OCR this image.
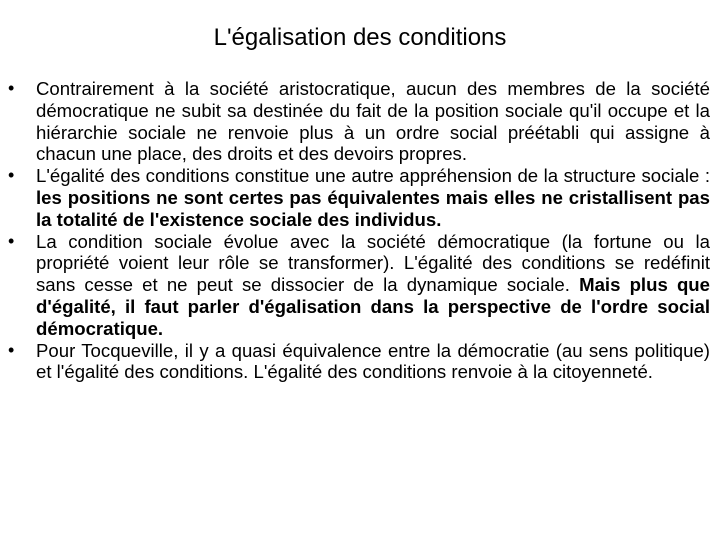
L'égalisation des conditions
• Contrairement à la société aristocratique, aucun des membres de la société démocratique ne subit sa destinée du fait de la position sociale qu'il occupe et la hiérarchie sociale ne renvoie plus à un ordre social préétabli qui assigne à chacun une place, des droits et des devoirs propres.
• L'égalité des conditions constitue une autre appréhension de la structure sociale : les positions ne sont certes pas équivalentes mais elles ne cristallisent pas la totalité de l'existence sociale des individus.
• La condition sociale évolue avec la société démocratique (la fortune ou la propriété voient leur rôle se transformer). L'égalité des conditions se redéfinit sans cesse et ne peut se dissocier de la dynamique sociale. Mais plus que d'égalité, il faut parler d'égalisation dans la perspective de l'ordre social démocratique.
• Pour Tocqueville, il y a quasi équivalence entre la démocratie (au sens politique) et l'égalité des conditions. L'égalité des conditions renvoie à la citoyenneté.
